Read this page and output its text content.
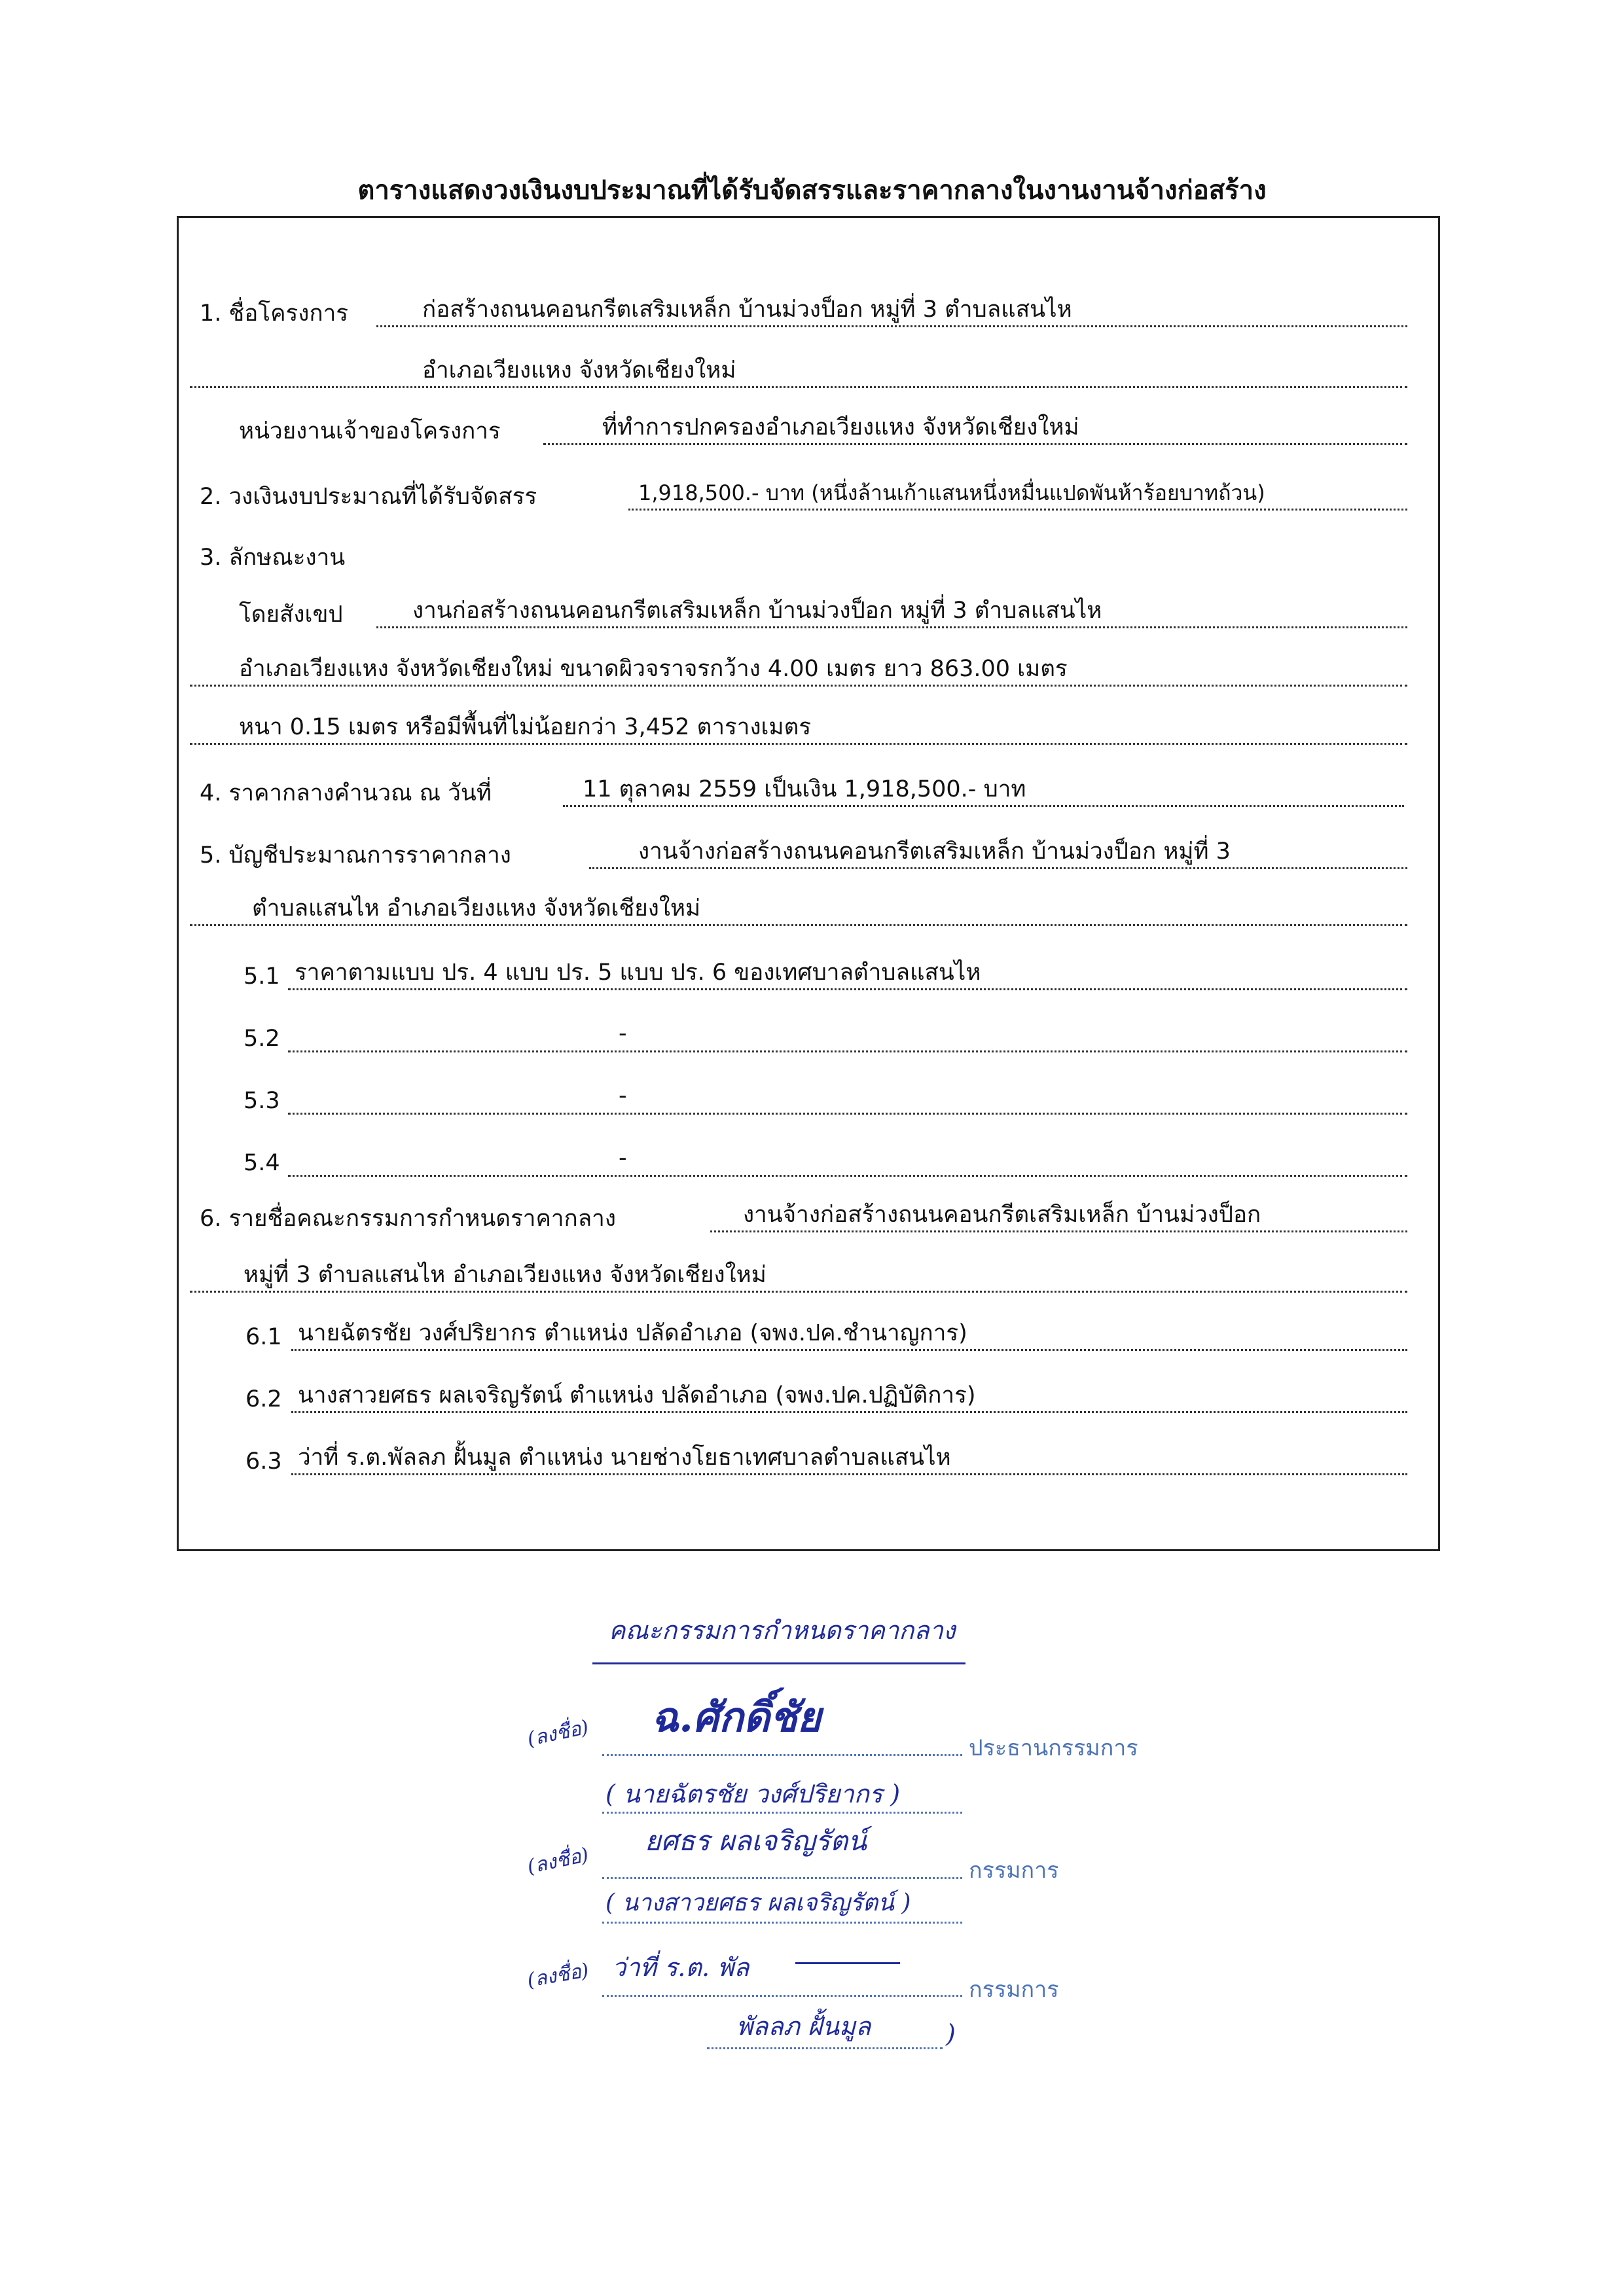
ตารางแสดงวงเงินงบประมาณที่ได้รับจัดสรรและราคากลางในงานงานจ้างก่อสร้าง
1. ชื่อโครงการ	ก่อสร้างถนนคอนกรีตเสริมเหล็ก บ้านม่วงป็อก หมู่ที่ 3 ตำบลแสนไห
อำเภอเวียงแหง จังหวัดเชียงใหม่
หน่วยงานเจ้าของโครงการ	ที่ทำการปกครองอำเภอเวียงแหง จังหวัดเชียงใหม่
2. วงเงินงบประมาณที่ได้รับจัดสรร	1,918,500.- บาท (หนึ่งล้านเก้าแสนหนึ่งหมื่นแปดพันห้าร้อยบาทถ้วน)
3. ลักษณะงาน
โดยสังเขป	งานก่อสร้างถนนคอนกรีตเสริมเหล็ก บ้านม่วงป็อก หมู่ที่ 3 ตำบลแสนไห
อำเภอเวียงแหง จังหวัดเชียงใหม่ ขนาดผิวจราจรกว้าง 4.00 เมตร ยาว 863.00 เมตร
หนา 0.15 เมตร หรือมีพื้นที่ไม่น้อยกว่า 3,452 ตารางเมตร
4. ราคากลางคำนวณ ณ วันที่	11 ตุลาคม 2559 เป็นเงิน 1,918,500.- บาท
5. บัญชีประมาณการราคากลาง	งานจ้างก่อสร้างถนนคอนกรีตเสริมเหล็ก บ้านม่วงป็อก หมู่ที่ 3
ตำบลแสนไห อำเภอเวียงแหง จังหวัดเชียงใหม่
5.1 ราคาตามแบบ ปร. 4 แบบ ปร. 5 แบบ ปร. 6 ของเทศบาลตำบลแสนไห
5.2	-
5.3	-
5.4	-
6. รายชื่อคณะกรรมการกำหนดราคากลาง	งานจ้างก่อสร้างถนนคอนกรีตเสริมเหล็ก บ้านม่วงป็อก
หมู่ที่ 3 ตำบลแสนไห อำเภอเวียงแหง จังหวัดเชียงใหม่
6.1 นายฉัตรชัย วงศ์ปริยากร ตำแหน่ง ปลัดอำเภอ (จพง.ปค.ชำนาญการ)
6.2 นางสาวยศธร ผลเจริญรัตน์ ตำแหน่ง ปลัดอำเภอ (จพง.ปค.ปฏิบัติการ)
6.3 ว่าที่ ร.ต.พัลลภ ฝั้นมูล ตำแหน่ง นายช่างโยธาเทศบาลตำบลแสนไห
คณะกรรมการกำหนดราคากลาง
(ลงชื่อ) ฉ.ศักดิ์ชัย
ประธานกรรมการ
( นายฉัตรชัย วงศ์ปริยากร )
(ลงชื่อ)
ยศธร ผลเจริญรัตน์
กรรมการ
( นางสาวยศธร ผลเจริญรัตน์ )
(ลงชื่อ) ว่าที่ ร.ต. พัล
กรรมการ
พัลลภ ฝั้นมูล	)
